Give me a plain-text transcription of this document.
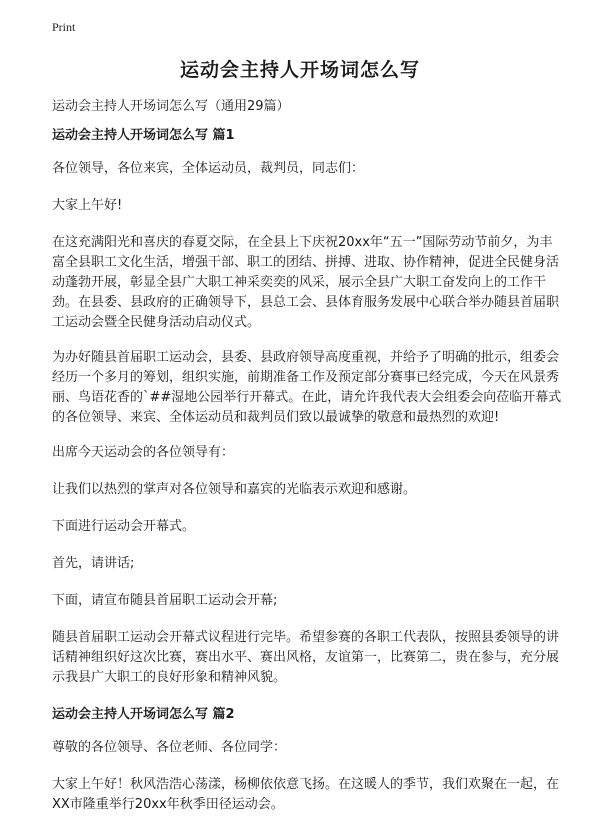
Print
运动会主持人开场词怎么写
运动会主持人开场词怎么写（通用29篇）
运动会主持人开场词怎么写 篇1

各位领导，各位来宾，全体运动员，裁判员，同志们：

大家上午好!

在这充满阳光和喜庆的春夏交际，在全县上下庆祝20xx年“五一”国际劳动节前夕，为丰富全县职工文化生活，增强干部、职工的团结、拼搏、进取、协作精神，促进全民健身活动蓬勃开展，彰显全县广大职工神采奕奕的风采，展示全县广大职工奋发向上的工作干劲。在县委、县政府的正确领导下，县总工会、县体育服务发展中心联合举办随县首届职工运动会暨全民健身活动启动仪式。

为办好随县首届职工运动会，县委、县政府领导高度重视，并给予了明确的批示，组委会经历一个多月的筹划，组织实施，前期准备工作及预定部分赛事已经完成，今天在风景秀丽、鸟语花香的`##湿地公园举行开幕式。在此，请允许我代表大会组委会向莅临开幕式的各位领导、来宾、全体运动员和裁判员们致以最诚挚的敬意和最热烈的欢迎!

出席今天运动会的各位领导有：

让我们以热烈的掌声对各位领导和嘉宾的光临表示欢迎和感谢。

下面进行运动会开幕式。

首先，请讲话;

下面，请宣布随县首届职工运动会开幕;

随县首届职工运动会开幕式议程进行完毕。希望参赛的各职工代表队，按照县委领导的讲话精神组织好这次比赛，赛出水平、赛出风格，友谊第一，比赛第二，贵在参与，充分展示我县广大职工的良好形象和精神风貌。

运动会主持人开场词怎么写 篇2

尊敬的各位领导、各位老师、各位同学：

大家上午好！秋风浩浩心荡漾，杨柳依依意飞扬。在这暖人的季节，我们欢聚在一起，在XX市隆重举行20xx年秋季田径运动会。
